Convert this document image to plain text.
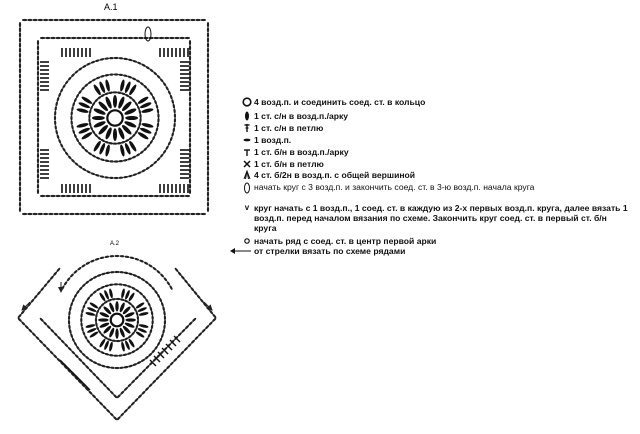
A.1
A.2
4 возд.п. и соединить соед. ст. в кольцо
1 ст. с/н в возд.п./арку
1 ст. с/н в петлю
1 возд.п.
1 ст. б/н в возд.п./арку
1 ст. б/н в петлю
4 ст. б/2н в возд.п. с общей вершиной
начать круг с 3 возд.п. и закончить соед. ст. в 3-ю возд.п. начала круга
v круг начать с 1 возд.п., 1 соед. ст. в каждую из 2-х первых возд.п. круга, далее вязать 1 возд.п. перед началом вязания по схеме. Закончить круг соед. ст. в первый ст. б/н круга
начать ряд с соед. ст. в центр первой арки
от стрелки вязать по схеме рядами
